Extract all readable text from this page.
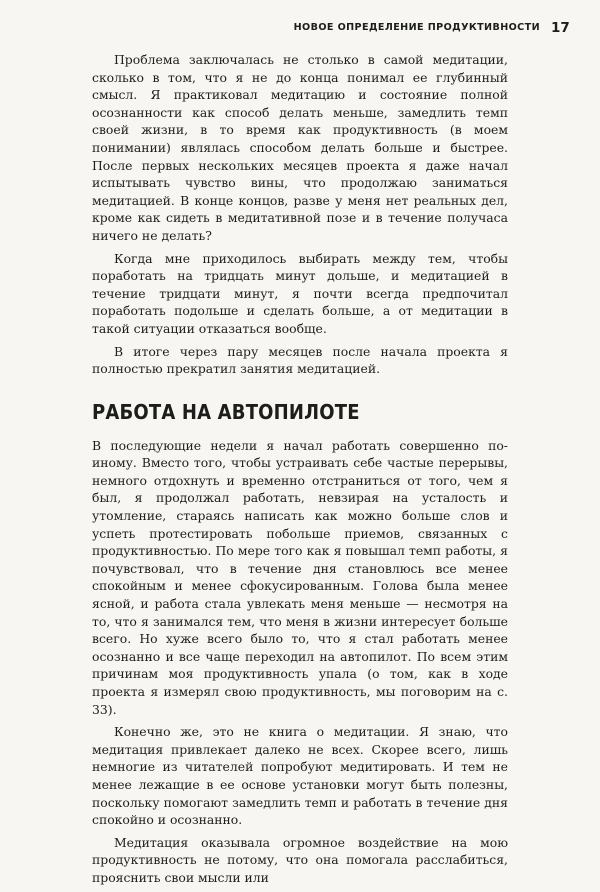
НОВОЕ ОПРЕДЕЛЕНИЕ ПРОДУКТИВНОСТИ 17

Проблема заключалась не столько в самой медитации, сколько в том, что я не до конца понимал ее глубинный смысл. Я практиковал медитацию и состояние полной осознанности как способ делать меньше, замедлить темп своей жизни, в то время как продуктивность (в моем понимании) являлась способом делать больше и быстрее. После первых нескольких месяцев проекта я даже начал испытывать чувство вины, что продолжаю заниматься медитацией. В конце концов, разве у меня нет реальных дел, кроме как сидеть в медитативной позе и в течение получаса ничего не делать?

Когда мне приходилось выбирать между тем, чтобы поработать на тридцать минут дольше, и медитацией в течение тридцати минут, я почти всегда предпочитал поработать подольше и сделать больше, а от медитации в такой ситуации отказаться вообще.

В итоге через пару месяцев после начала проекта я полностью прекратил занятия медитацией.

РАБОТА НА АВТОПИЛОТЕ

В последующие недели я начал работать совершенно по-иному. Вместо того, чтобы устраивать себе частые перерывы, немного отдохнуть и временно отстраниться от того, чем я был, я продолжал работать, невзирая на усталость и утомление, стараясь написать как можно больше слов и успеть протестировать побольше приемов, связанных с продуктивностью. По мере того как я повышал темп работы, я почувствовал, что в течение дня становлюсь все менее спокойным и менее сфокусированным. Голова была менее ясной, и работа стала увлекать меня меньше — несмотря на то, что я занимался тем, что меня в жизни интересует больше всего. Но хуже всего было то, что я стал работать менее осознанно и все чаще переходил на автопилот. По всем этим причинам моя продуктивность упала (о том, как в ходе проекта я измерял свою продуктивность, мы поговорим на с. 33).

Конечно же, это не книга о медитации. Я знаю, что медитация привлекает далеко не всех. Скорее всего, лишь немногие из читателей попробуют медитировать. И тем не менее лежащие в ее основе установки могут быть полезны, поскольку помогают замедлить темп и работать в течение дня спокойно и осознанно.

Медитация оказывала огромное воздействие на мою продуктивность не потому, что она помогала расслабиться, прояснить свои мысли или
